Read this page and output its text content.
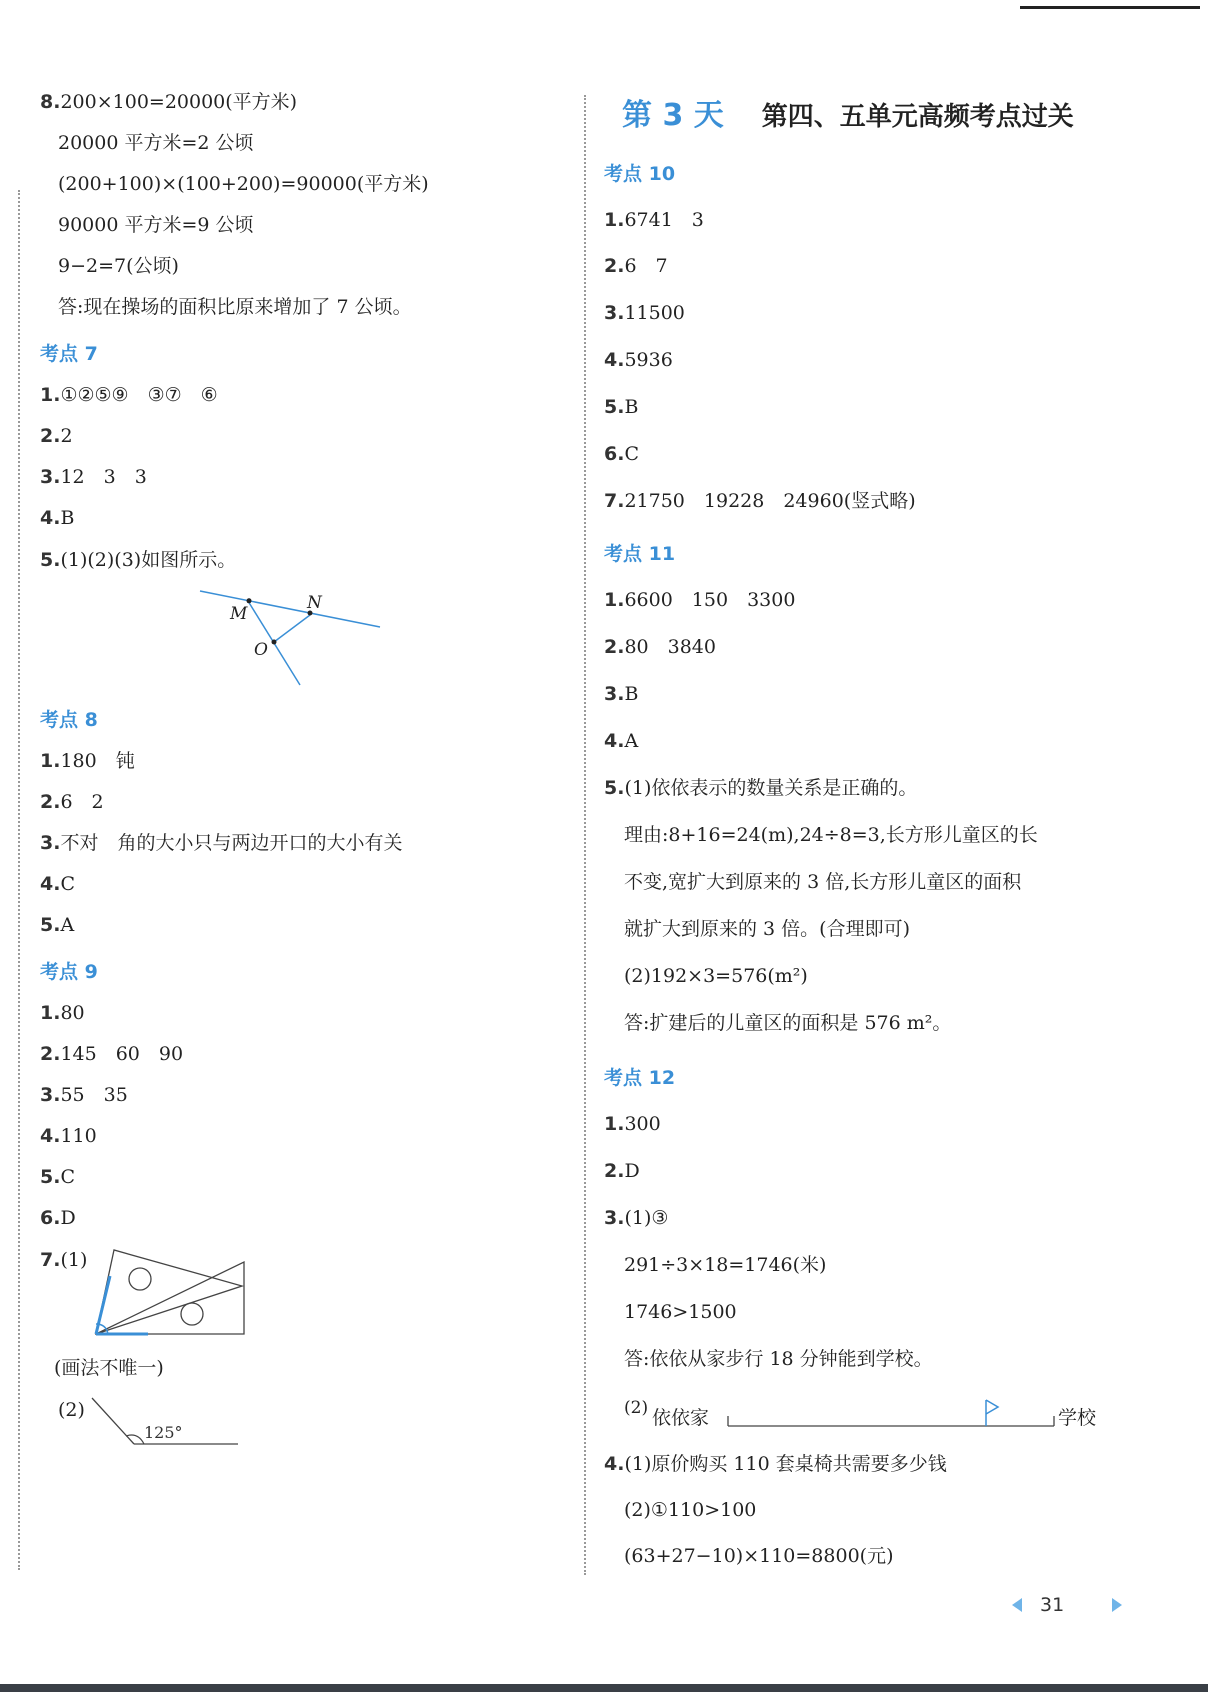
8.200×100=20000(平方米)
20000 平方米=2 公顷
(200+100)×(100+200)=90000(平方米)
90000 平方米=9 公顷
9−2=7(公顷)
答:现在操场的面积比原来增加了 7 公顷。
考点 7
1.①②⑤⑨　③⑦　⑥
2.2
3.12　3　3
4.B
5.(1)(2)(3)如图所示。
M
N
O
考点 8
1.180　钝
2.6　2
3.不对　角的大小只与两边开口的大小有关
4.C
5.A
考点 9
1.80
2.145　60　90
3.55　35
4.110
5.C
6.D
7.(1)
(画法不唯一)
(2)
125°
第 3 天 第四、五单元高频考点过关
考点 10
1.6741　3
2.6　7
3.11500
4.5936
5.B
6.C
7.21750　19228　24960(竖式略)
考点 11
1.6600　150　3300
2.80　3840
3.B
4.A
5.(1)依依表示的数量关系是正确的。
理由:8+16=24(m),24÷8=3,长方形儿童区的长
不变,宽扩大到原来的 3 倍,长方形儿童区的面积
就扩大到原来的 3 倍。(合理即可)
(2)192×3=576(m²)
答:扩建后的儿童区的面积是 576 m²。
考点 12
1.300
2.D
3.(1)③
291÷3×18=1746(米)
1746>1500
答:依依从家步行 18 分钟能到学校。
(2) 依依家	学校
4.(1)原价购买 110 套桌椅共需要多少钱
(2)①110>100
(63+27−10)×110=8800(元)
31
